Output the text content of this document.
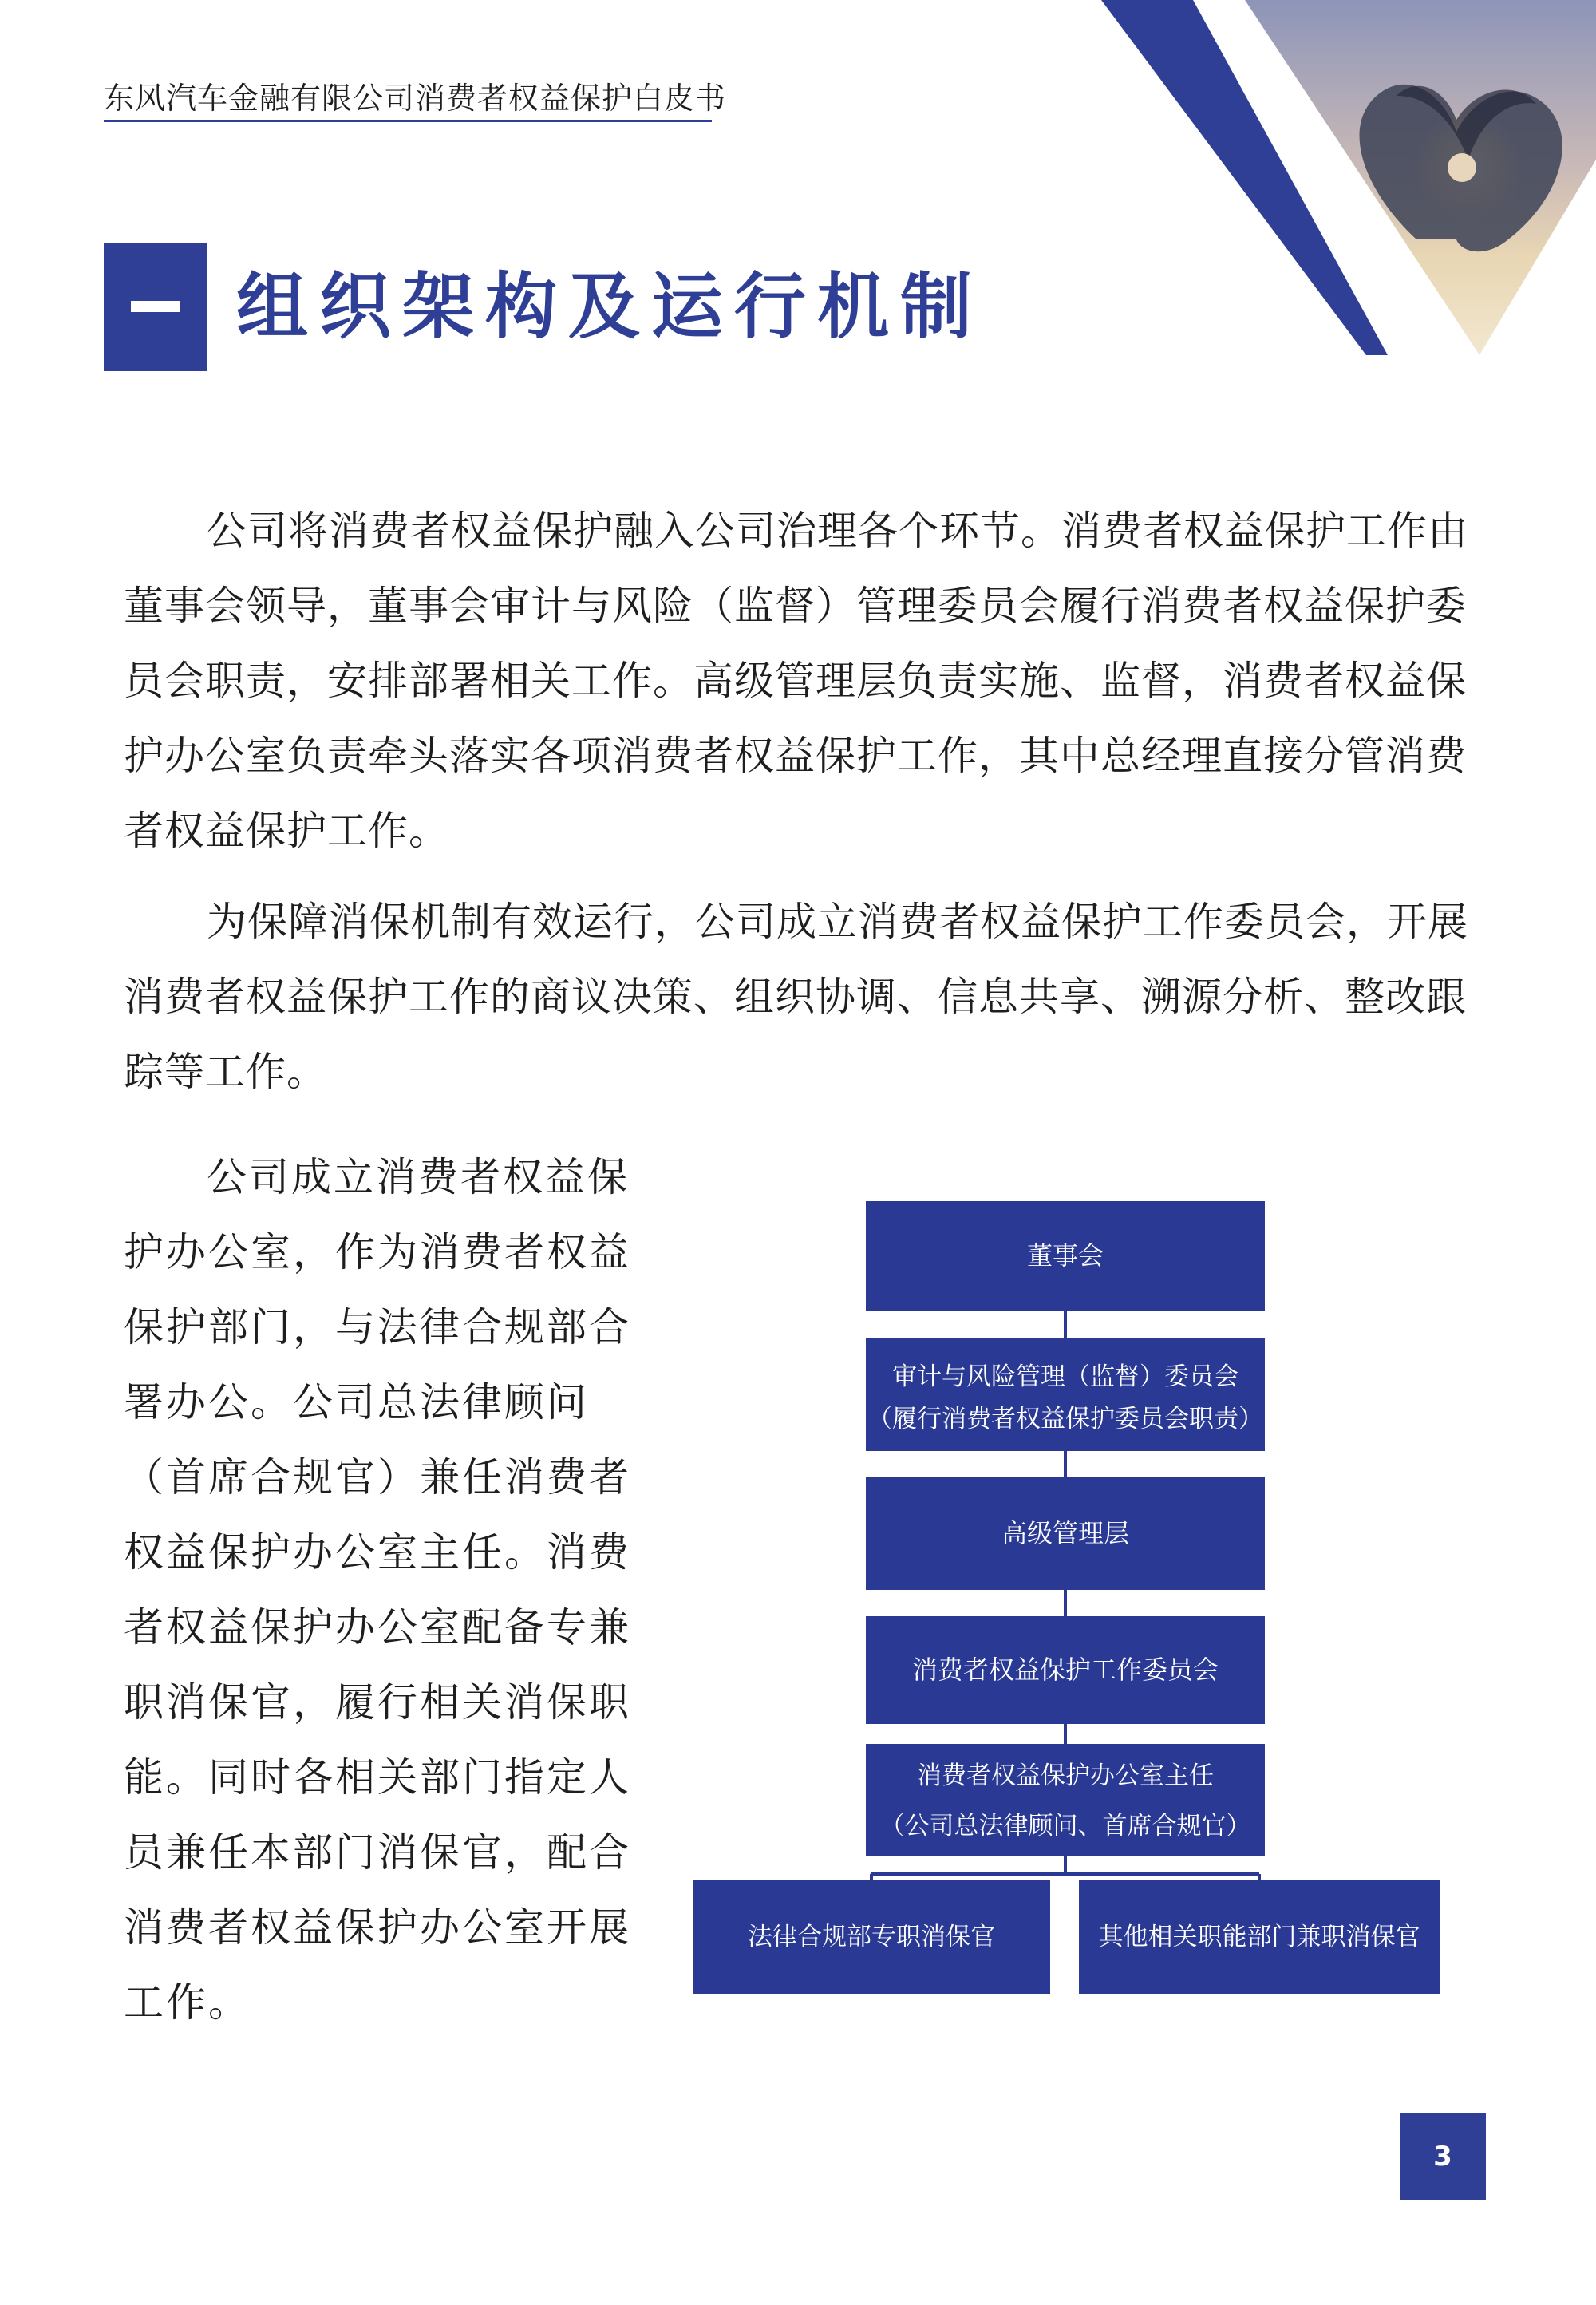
东风汽车金融有限公司消费者权益保护白皮书
组织架构及运行机制

公司将消费者权益保护融入公司治理各个环节。消费者权益保护工作由董事会领导，董事会审计与风险（监督）管理委员会履行消费者权益保护委员会职责，安排部署相关工作。高级管理层负责实施、监督，消费者权益保护办公室负责牵头落实各项消费者权益保护工作，其中总经理直接分管消费者权益保护工作。

为保障消保机制有效运行，公司成立消费者权益保护工作委员会，开展消费者权益保护工作的商议决策、组织协调、信息共享、溯源分析、整改跟踪等工作。

公司成立消费者权益保护办公室，作为消费者权益保护部门，与法律合规部合署办公。公司总法律顾问（首席合规官）兼任消费者权益保护办公室主任。消费者权益保护办公室配备专兼职消保官，履行相关消保职能。同时各相关部门指定人员兼任本部门消保官，配合消费者权益保护办公室开展工作。

董事会
审计与风险管理（监督）委员会
（履行消费者权益保护委员会职责）
高级管理层
消费者权益保护工作委员会
消费者权益保护办公室主任
（公司总法律顾问、首席合规官）
法律合规部专职消保官	其他相关职能部门兼职消保官
3
